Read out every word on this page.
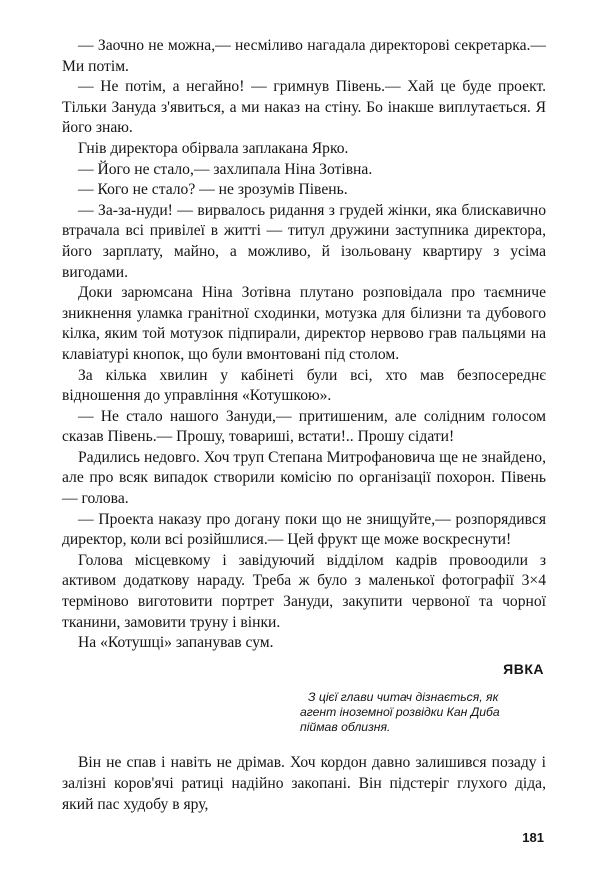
— Заочно не можна,— несміливо нагадала директорові секретарка.— Ми потім.

— Не потім, а негайно! — гримнув Півень.— Хай це буде проект. Тільки Зануда з'явиться, а ми наказ на стіну. Бо інакше виплутається. Я його знаю.

Гнів директора обірвала заплакана Ярко.

— Його не стало,— захлипала Ніна Зотівна.

— Кого не стало? — не зрозумів Півень.

— За-за-нуди! — вирвалось ридання з грудей жінки, яка блискавично втрачала всі привілеї в житті — титул дружини заступника директора, його зарплату, майно, а можливо, й ізольовану квартиру з усіма вигодами.

Доки зарюмсана Ніна Зотівна плутано розповідала про таємниче зникнення уламка гранітної сходинки, мотузка для білизни та дубового кілка, яким той мотузок підпирали, директор нервово грав пальцями на клавіатурі кнопок, що були вмонтовані під столом.

За кілька хвилин у кабінеті були всі, хто мав безпосереднє відношення до управління «Котушкою».

— Не стало нашого Зануди,— притишеним, але солідним голосом сказав Півень.— Прошу, товариші, встати!.. Прошу сідати!

Радились недовго. Хоч труп Степана Митрофановича ще не знайдено, але про всяк випадок створили комісію по організації похорон. Півень — голова.

— Проекта наказу про догану поки що не знищуйте,— розпорядився директор, коли всі розійшлися.— Цей фрукт ще може воскреснути!

Голова місцевкому і завідуючий відділом кадрів провоодили з активом додаткову нараду. Треба ж було з маленької фотографії 3×4 терміново виготовити портрет Зануди, закупити червоної та чорної тканини, замовити труну і вінки.

На «Котушці» запанував сум.

ЯВКА
З цієї глави читач дізнається, як
агент іноземної розвідки Кан Диба
піймав облизня.

Він не спав і навіть не дрімав. Хоч кордон давно залишився позаду і залізні коров'ячі ратиці надійно закопані. Він підстеріг глухого діда, який пас худобу в яру,

181
